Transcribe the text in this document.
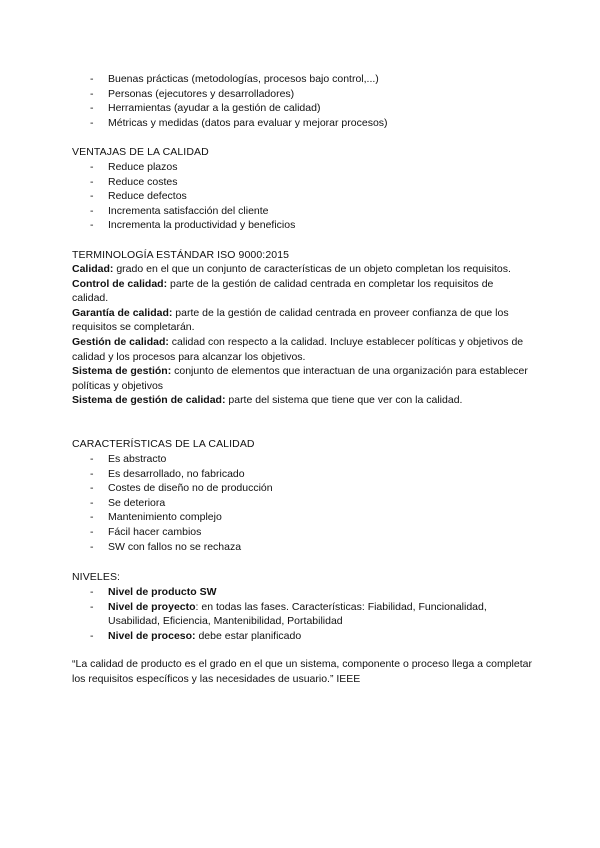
- Buenas prácticas (metodologías, procesos bajo control,...)
- Personas (ejecutores y desarrolladores)
- Herramientas (ayudar a la gestión de calidad)
- Métricas y medidas (datos para evaluar y mejorar procesos)
VENTAJAS DE LA CALIDAD
- Reduce plazos
- Reduce costes
- Reduce defectos
- Incrementa satisfacción del cliente
- Incrementa la productividad y beneficios
TERMINOLOGÍA ESTÁNDAR ISO 9000:2015

Calidad: grado en el que un conjunto de características de un objeto completan los requisitos.

Control de calidad: parte de la gestión de calidad centrada en completar los requisitos de calidad.

Garantía de calidad: parte de la gestión de calidad centrada en proveer confianza de que los requisitos se completarán.

Gestión de calidad: calidad con respecto a la calidad. Incluye establecer políticas y objetivos de calidad y los procesos para alcanzar los objetivos.

Sistema de gestión: conjunto de elementos que interactuan de una organización para establecer políticas y objetivos

Sistema de gestión de calidad: parte del sistema que tiene que ver con la calidad.

CARACTERÍSTICAS DE LA CALIDAD
- Es abstracto
- Es desarrollado, no fabricado
- Costes de diseño no de producción
- Se deteriora
- Mantenimiento complejo
- Fácil hacer cambios
- SW con fallos no se rechaza
NIVELES:
- Nivel de producto SW
- Nivel de proyecto: en todas las fases. Características: Fiabilidad, Funcionalidad, Usabilidad, Eficiencia, Mantenibilidad, Portabilidad
- Nivel de proceso: debe estar planificado
“La calidad de producto es el grado en el que un sistema, componente o proceso llega a completar los requisitos específicos y las necesidades de usuario.” IEEE
